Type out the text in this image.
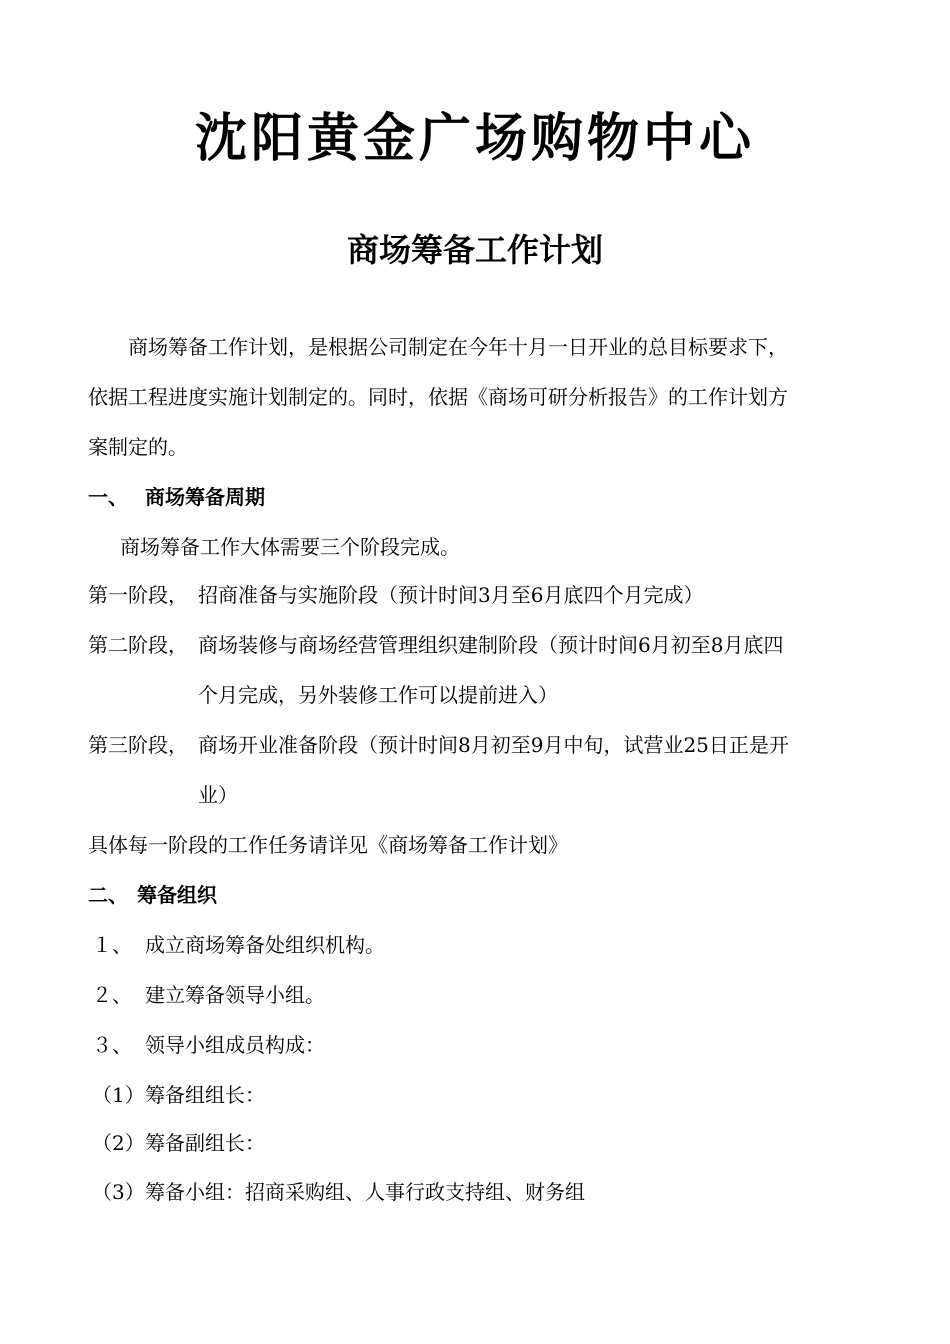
沈阳黄金广场购物中心
商场筹备工作计划
商场筹备工作计划，是根据公司制定在今年十月一日开业的总目标要求下，
依据工程进度实施计划制定的。同时，依据《商场可研分析报告》的工作计划方
案制定的。
一、 商场筹备周期
商场筹备工作大体需要三个阶段完成。
第一阶段， 招商准备与实施阶段（预计时间3月至6月底四个月完成）
第二阶段， 商场装修与商场经营管理组织建制阶段（预计时间6月初至8月底四
个月完成，另外装修工作可以提前进入）
第三阶段， 商场开业准备阶段（预计时间8月初至9月中旬，试营业25日正是开
业）
具体每一阶段的工作任务请详见《商场筹备工作计划》
二、 筹备组织
１、 成立商场筹备处组织机构。
２、 建立筹备领导小组。
３、 领导小组成员构成：
（1） 筹备组组长：
（2） 筹备副组长：
（3） 筹备小组：招商采购组、人事行政支持组、财务组
